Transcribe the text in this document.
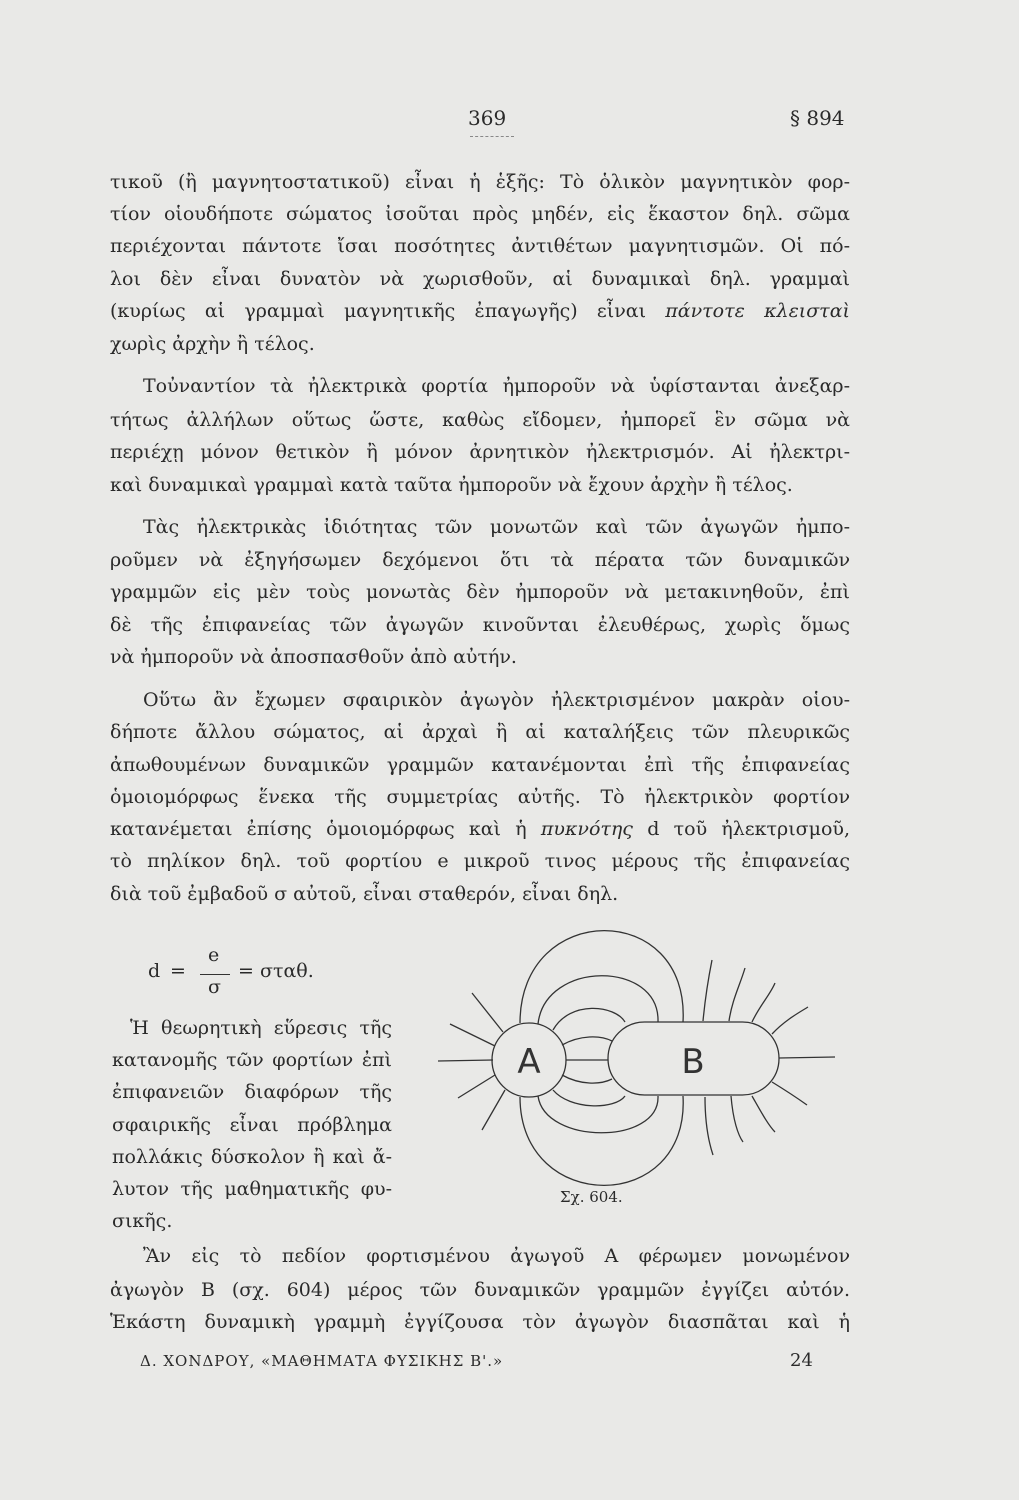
369	§ 894
τικοῦ (ἢ μαγνητοστατικοῦ) εἶναι ἡ ἑξῆς: Τὸ ὁλικὸν μαγνητικὸν φορ-
τίον οἱουδήποτε σώματος ἰσοῦται πρὸς μηδέν, εἰς ἕκαστον δηλ. σῶμα
περιέχονται πάντοτε ἴσαι ποσότητες ἀντιθέτων μαγνητισμῶν. Οἱ πό-
λοι δὲν εἶναι δυνατὸν νὰ χωρισθοῦν, αἱ δυναμικαὶ δηλ. γραμμαὶ
(κυρίως αἱ γραμμαὶ μαγνητικῆς ἐπαγωγῆς) εἶναι πάντοτε κλεισταὶ
χωρὶς ἀρχὴν ἢ τέλος.
Τοὐναντίον τὰ ἠλεκτρικὰ φορτία ἠμποροῦν νὰ ὑφίστανται ἀνεξαρ-
τήτως ἀλλήλων οὕτως ὥστε, καθὼς εἴδομεν, ἠμπορεῖ ἓν σῶμα νὰ
περιέχῃ μόνον θετικὸν ἢ μόνον ἀρνητικὸν ἠλεκτρισμόν. Αἱ ἠλεκτρι-
καὶ δυναμικαὶ γραμμαὶ κατὰ ταῦτα ἠμποροῦν νὰ ἔχουν ἀρχὴν ἢ τέλος.
Τὰς ἠλεκτρικὰς ἰδιότητας τῶν μονωτῶν καὶ τῶν ἀγωγῶν ἠμπο-
ροῦμεν νὰ ἐξηγήσωμεν δεχόμενοι ὅτι τὰ πέρατα τῶν δυναμικῶν
γραμμῶν εἰς μὲν τοὺς μονωτὰς δὲν ἠμποροῦν νὰ μετακινηθοῦν, ἐπὶ
δὲ τῆς ἐπιφανείας τῶν ἀγωγῶν κινοῦνται ἐλευθέρως, χωρὶς ὅμως
νὰ ἠμποροῦν νὰ ἀποσπασθοῦν ἀπὸ αὐτήν.
Οὕτω ἂν ἔχωμεν σφαιρικὸν ἀγωγὸν ἠλεκτρισμένον μακρὰν οἱου-
δήποτε ἄλλου σώματος, αἱ ἀρχαὶ ἢ αἱ καταλήξεις τῶν πλευρικῶς
ἀπωθουμένων δυναμικῶν γραμμῶν κατανέμονται ἐπὶ τῆς ἐπιφανείας
ὁμοιομόρφως ἕνεκα τῆς συμμετρίας αὐτῆς. Τὸ ἠλεκτρικὸν φορτίον
κατανέμεται ἐπίσης ὁμοιομόρφως καὶ ἡ πυκνότης d τοῦ ἠλεκτρισμοῦ,
τὸ πηλίκον δηλ. τοῦ φορτίου e μικροῦ τινος μέρους τῆς ἐπιφανείας
διὰ τοῦ ἐμβαδοῦ σ αὐτοῦ, εἶναι σταθερόν, εἶναι δηλ.
Ἡ θεωρητικὴ εὕρεσις τῆς
κατανομῆς τῶν φορτίων ἐπὶ
ἐπιφανειῶν διαφόρων τῆς
σφαιρικῆς εἶναι πρόβλημα
πολλάκις δύσκολον ἢ καὶ ἄ-
λυτον τῆς μαθηματικῆς φυ-
σικῆς.
Ἂν εἰς τὸ πεδίον φορτισμένου ἀγωγοῦ Α φέρωμεν μονωμένον
ἀγωγὸν Β (σχ. 604) μέρος τῶν δυναμικῶν γραμμῶν ἐγγίζει αὐτόν.
Ἑκάστη δυναμικὴ γραμμὴ ἐγγίζουσα τὸν ἀγωγὸν διασπᾶται καὶ ἡ
d =
e
σ
= σταθ.
A	B
Σχ. 604.
Δ. ΧΟΝΔΡΟΥ, «ΜΑΘΗΜΑΤΑ ΦΥΣΙΚΗΣ Β'.»	24
